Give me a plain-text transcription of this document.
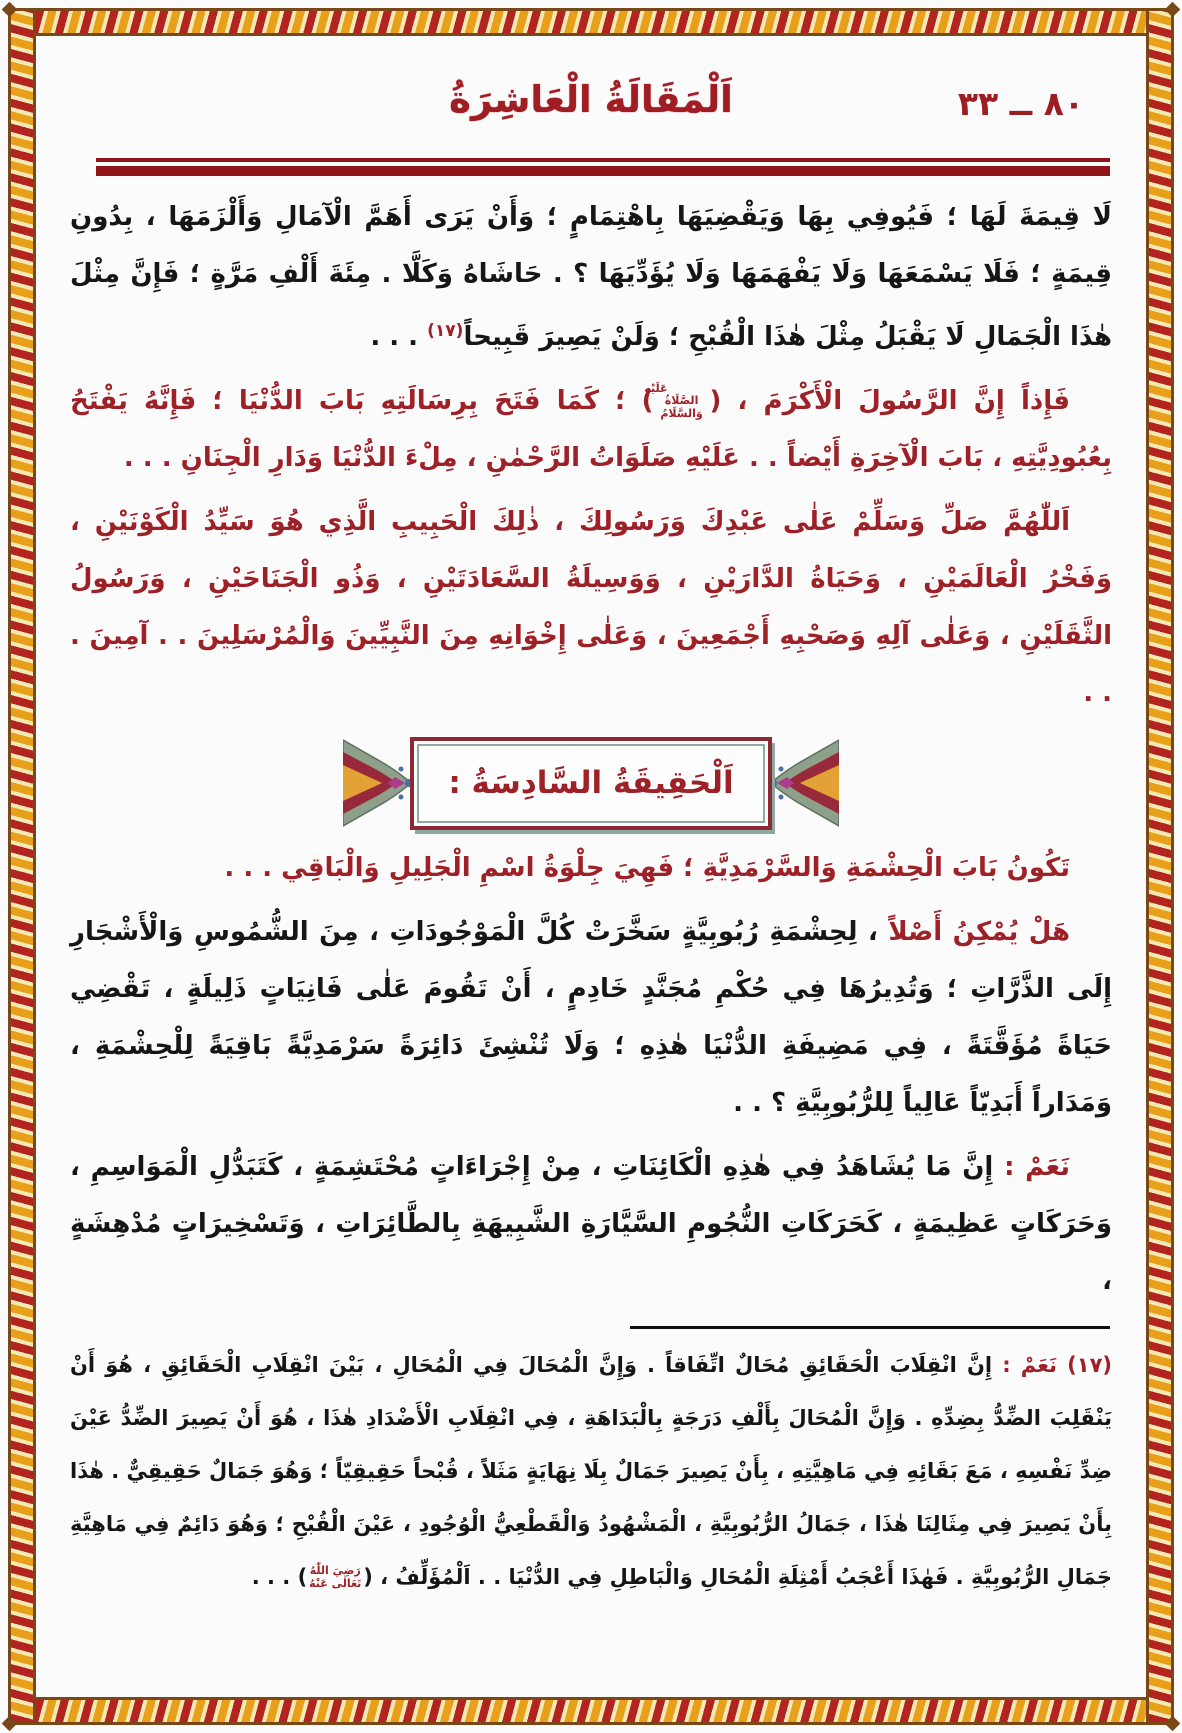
اَلْمَقَالَةُ الْعَاشِرَةُ	٨٠ ــ ٣٣

لَا قِيمَةَ لَهَا ؛ فَيُوفِي بِهَا وَيَقْضِيَهَا بِاهْتِمَامٍ ؛ وَأَنْ يَرَى أَهَمَّ الْآمَالِ وَأَلْزَمَهَا ، بِدُونِ قِيمَةٍ ؛ فَلَا يَسْمَعَهَا وَلَا يَفْهَمَهَا وَلَا يُؤَدِّيَهَا ؟ . حَاشَاهُ وَكَلَّا . مِئَةَ أَلْفِ مَرَّةٍ ؛ فَإِنَّ مِثْلَ هٰذَا الْجَمَالِ لَا يَقْبَلُ مِثْلَ هٰذَا الْقُبْحِ ؛ وَلَنْ يَصِيرَ قَبِيحاً$^{(١٧)}$ . . .

فَإِذاً إِنَّ الرَّسُولَ الْأَكْرَمَ ، (عَلَيْهِ الصَّلَاةُ وَالسَّلَامُ) ؛ كَمَا فَتَحَ بِرِسَالَتِهِ بَابَ الدُّنْيَا ؛ فَإِنَّهُ يَفْتَحُ بِعُبُودِيَّتِهِ ، بَابَ الْآخِرَةِ أَيْضاً . . عَلَيْهِ صَلَوَاتُ الرَّحْمٰنِ ، مِلْءَ الدُّنْيَا وَدَارِ الْجِنَانِ . . .

اَللّٰهُمَّ صَلِّ وَسَلِّمْ عَلٰى عَبْدِكَ وَرَسُولِكَ ، ذٰلِكَ الْحَبِيبِ الَّذِي هُوَ سَيِّدُ الْكَوْنَيْنِ ، وَفَخْرُ الْعَالَمَيْنِ ، وَحَيَاةُ الدَّارَيْنِ ، وَوَسِيلَةُ السَّعَادَتَيْنِ ، وَذُو الْجَنَاحَيْنِ ، وَرَسُولُ الثَّقَلَيْنِ ، وَعَلٰى آلِهِ وَصَحْبِهِ أَجْمَعِينَ ، وَعَلٰى إِخْوَانِهِ مِنَ النَّبِيِّينَ وَالْمُرْسَلِينَ . . آمِينَ . . .

اَلْحَقِيقَةُ السَّادِسَةُ :

تَكُونُ بَابَ الْحِشْمَةِ وَالسَّرْمَدِيَّةِ ؛ فَهِيَ جِلْوَةُ اسْمِ الْجَلِيلِ وَالْبَاقِي . . .

هَلْ يُمْكِنُ أَصْلاً ، لِحِشْمَةِ رُبُوبِيَّةٍ سَخَّرَتْ كُلَّ الْمَوْجُودَاتِ ، مِنَ الشُّمُوسِ وَالْأَشْجَارِ إِلَى الذَّرَّاتِ ؛ وَتُدِيرُهَا فِي حُكْمِ مُجَنَّدٍ خَادِمٍ ، أَنْ تَقُومَ عَلٰى فَانِيَاتٍ ذَلِيلَةٍ ، تَقْضِي حَيَاةً مُؤَقَّتَةً ، فِي مَضِيفَةِ الدُّنْيَا هٰذِهِ ؛ وَلَا تُنْشِئَ دَائِرَةً سَرْمَدِيَّةً بَاقِيَةً لِلْحِشْمَةِ ، وَمَدَاراً أَبَدِيّاً عَالِياً لِلرُّبُوبِيَّةِ ؟ . .

نَعَمْ : إِنَّ مَا يُشَاهَدُ فِي هٰذِهِ الْكَائِنَاتِ ، مِنْ إِجْرَاءَاتٍ مُحْتَشِمَةٍ ، كَتَبَدُّلِ الْمَوَاسِمِ ، وَحَرَكَاتٍ عَظِيمَةٍ ، كَحَرَكَاتِ النُّجُومِ السَّيَّارَةِ الشَّبِيهَةِ بِالطَّائِرَاتِ ، وَتَسْخِيرَاتٍ مُدْهِشَةٍ ،

(١٧) نَعَمْ : إِنَّ انْقِلَابَ الْحَقَائِقِ مُحَالٌ اتِّفَاقاً . وَإِنَّ الْمُحَالَ فِي الْمُحَالِ ، بَيْنَ انْقِلَابِ الْحَقَائِقِ ، هُوَ أَنْ يَنْقَلِبَ الضِّدُّ بِضِدِّهِ . وَإِنَّ الْمُحَالَ بِأَلْفِ دَرَجَةٍ بِالْبَدَاهَةِ ، فِي انْقِلَابِ الْأَضْدَادِ هٰذَا ، هُوَ أَنْ يَصِيرَ الضِّدُّ عَيْنَ ضِدِّ نَفْسِهِ ، مَعَ بَقَائِهِ فِي مَاهِيَّتِهِ ، بِأَنْ يَصِيرَ جَمَالٌ بِلَا نِهَايَةٍ مَثَلاً ، قُبْحاً حَقِيقِيّاً ؛ وَهُوَ جَمَالٌ حَقِيقِيٌّ . هٰذَا بِأَنْ يَصِيرَ فِي مِثَالِنَا هٰذَا ، جَمَالُ الرُّبُوبِيَّةِ ، الْمَشْهُودُ وَالْقَطْعِيُّ الْوُجُودِ ، عَيْنَ الْقُبْحِ ؛ وَهُوَ دَائِمٌ فِي مَاهِيَّةِ جَمَالِ الرُّبُوبِيَّةِ . فَهٰذَا أَعْجَبُ أَمْثِلَةِ الْمُحَالِ وَالْبَاطِلِ فِي الدُّنْيَا . . اَلْمُؤَلِّفُ ، (رَضِيَ اللّٰهُ تَعَالٰى عَنْهُ) . . .
